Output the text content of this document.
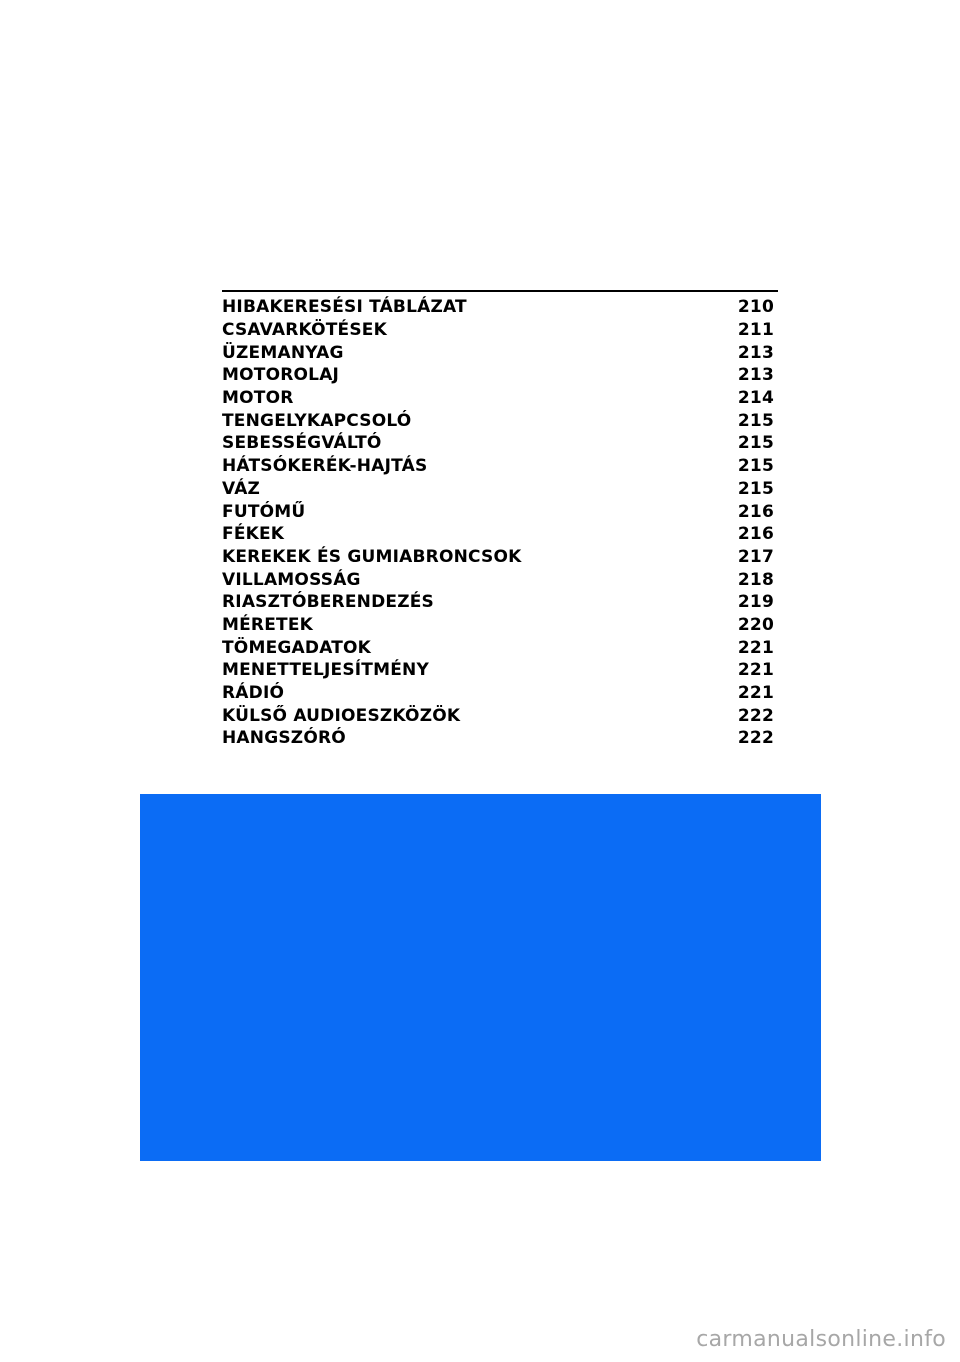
HIBAKERESÉSI TÁBLÁZAT	210
CSAVARKÖTÉSEK	211
ÜZEMANYAG	213
MOTOROLAJ	213
MOTOR	214
TENGELYKAPCSOLÓ	215
SEBESSÉGVÁLTÓ	215
HÁTSÓKERÉK-HAJTÁS	215
VÁZ	215
FUTÓMŰ	216
FÉKEK	216
KEREKEK ÉS GUMIABRONCSOK	217
VILLAMOSSÁG	218
RIASZTÓBERENDEZÉS	219
MÉRETEK	220
TÖMEGADATOK	221
MENETTELJESÍTMÉNY	221
RÁDIÓ	221
KÜLSŐ AUDIOESZKÖZÖK	222
HANGSZÓRÓ	222
carmanualsonline.info
